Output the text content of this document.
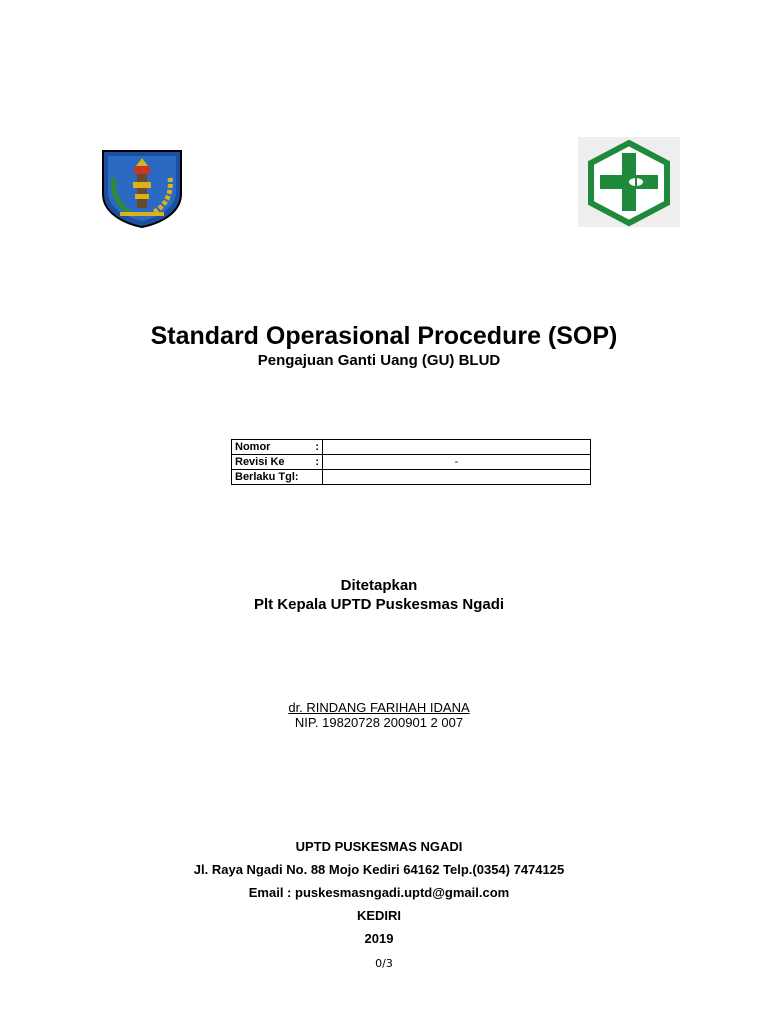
Standard Operasional Procedure (SOP)
Pengajuan Ganti Uang (GU) BLUD
Nomor :	

Revisi Ke :	-
Berlaku Tgl:

Ditetapkan
Plt Kepala UPTD Puskesmas Ngadi
dr. RINDANG FARIHAH IDANA
NIP. 19820728 200901 2 007
UPTD PUSKESMAS NGADI
Jl. Raya Ngadi No. 88 Mojo Kediri 64162 Telp.(0354) 7474125
Email : puskesmasngadi.uptd@gmail.com
KEDIRI
2019
0/3
